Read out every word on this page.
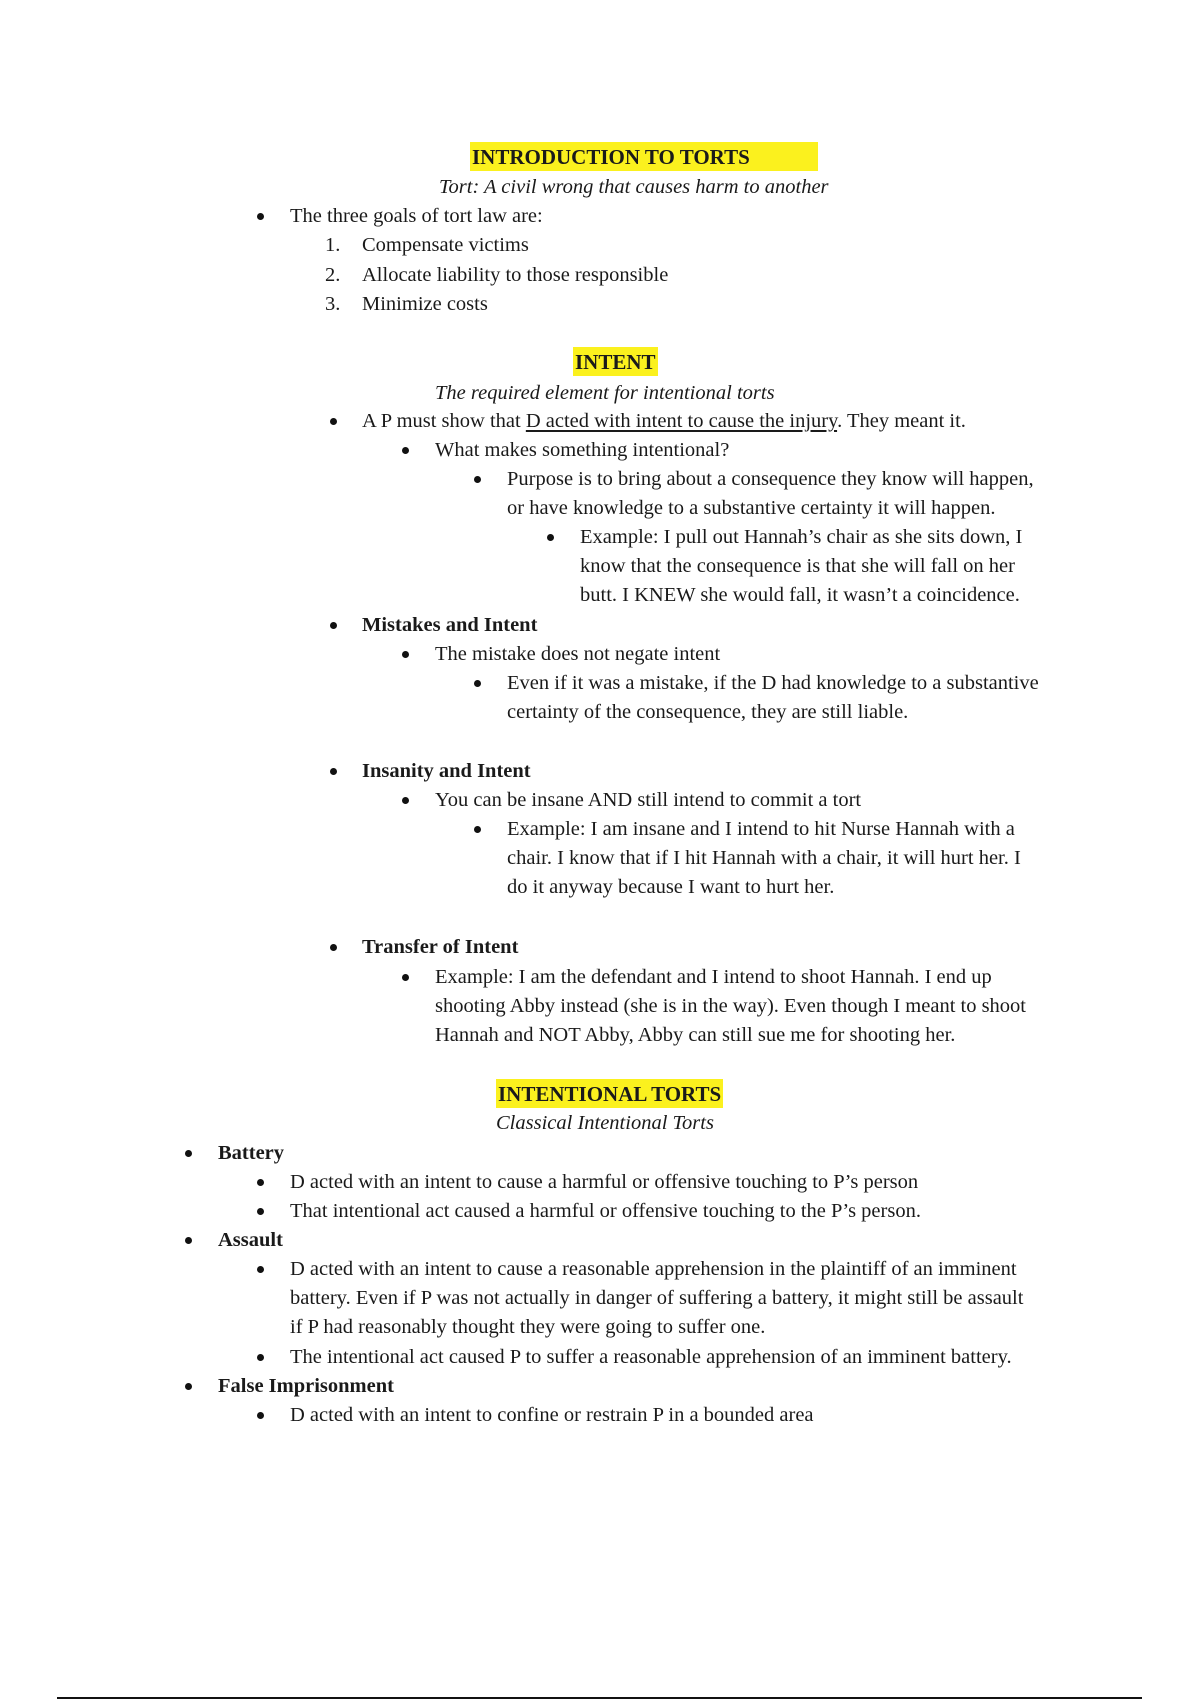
INTRODUCTION TO TORTS
Tort: A civil wrong that causes harm to another
The three goals of tort law are:
1. Compensate victims
2. Allocate liability to those responsible
3. Minimize costs
INTENT
The required element for intentional torts
A P must show that D acted with intent to cause the injury. They meant it.
What makes something intentional?
Purpose is to bring about a consequence they know will happen,
or have knowledge to a substantive certainty it will happen.
Example: I pull out Hannah’s chair as she sits down, I
know that the consequence is that she will fall on her
butt. I KNEW she would fall, it wasn’t a coincidence.
Mistakes and Intent
The mistake does not negate intent
Even if it was a mistake, if the D had knowledge to a substantive
certainty of the consequence, they are still liable.
Insanity and Intent
You can be insane AND still intend to commit a tort
Example: I am insane and I intend to hit Nurse Hannah with a
chair. I know that if I hit Hannah with a chair, it will hurt her. I
do it anyway because I want to hurt her.
Transfer of Intent
Example: I am the defendant and I intend to shoot Hannah. I end up
shooting Abby instead (she is in the way). Even though I meant to shoot
Hannah and NOT Abby, Abby can still sue me for shooting her.
INTENTIONAL TORTS
Classical Intentional Torts
Battery
D acted with an intent to cause a harmful or offensive touching to P’s person
That intentional act caused a harmful or offensive touching to the P’s person.
Assault
D acted with an intent to cause a reasonable apprehension in the plaintiff of an imminent
battery. Even if P was not actually in danger of suffering a battery, it might still be assault
if P had reasonably thought they were going to suffer one.
The intentional act caused P to suffer a reasonable apprehension of an imminent battery.
False Imprisonment
D acted with an intent to confine or restrain P in a bounded area
